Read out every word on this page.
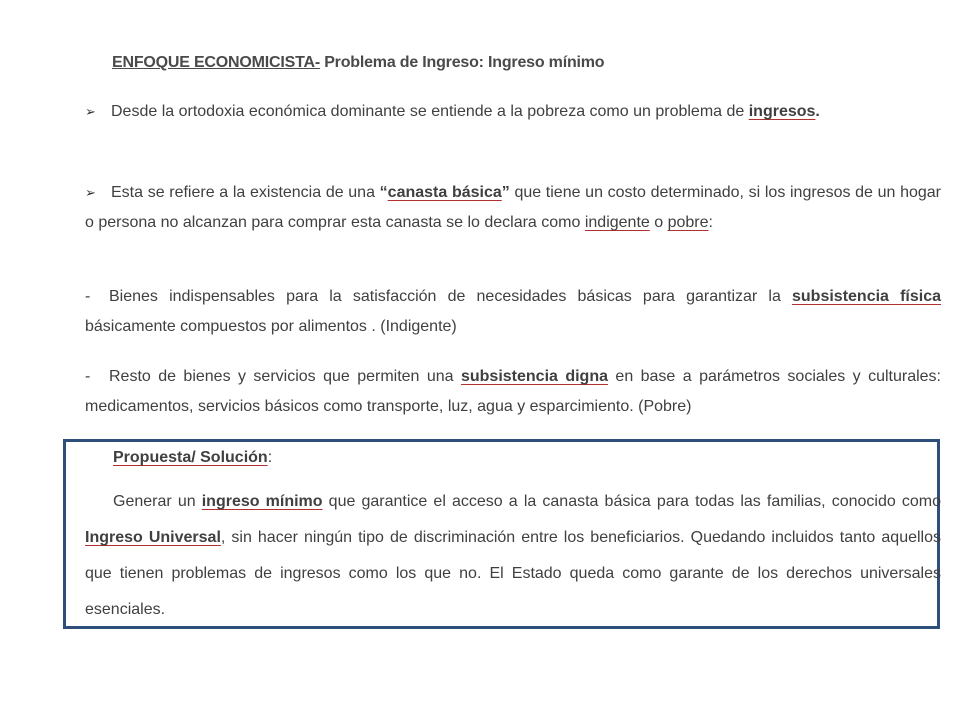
ENFOQUE ECONOMICISTA- Problema de Ingreso: Ingreso mínimo
➢ Desde la ortodoxia económica dominante se entiende a la pobreza como un problema de ingresos.
➢ Esta se refiere a la existencia de una “canasta básica” que tiene un costo determinado, si los ingresos de un hogar o persona no alcanzan para comprar esta canasta se lo declara como indigente o pobre:
- Bienes indispensables para la satisfacción de necesidades básicas para garantizar la subsistencia física básicamente compuestos por alimentos . (Indigente)
- Resto de bienes y servicios que permiten una subsistencia digna en base a parámetros sociales y culturales: medicamentos, servicios básicos como transporte, luz, agua y esparcimiento. (Pobre)
Propuesta/ Solución:
Generar un ingreso mínimo que garantice el acceso a la canasta básica para todas las familias, conocido como Ingreso Universal, sin hacer ningún tipo de discriminación entre los beneficiarios. Quedando incluidos tanto aquellos que tienen problemas de ingresos como los que no. El Estado queda como garante de los derechos universales esenciales.
